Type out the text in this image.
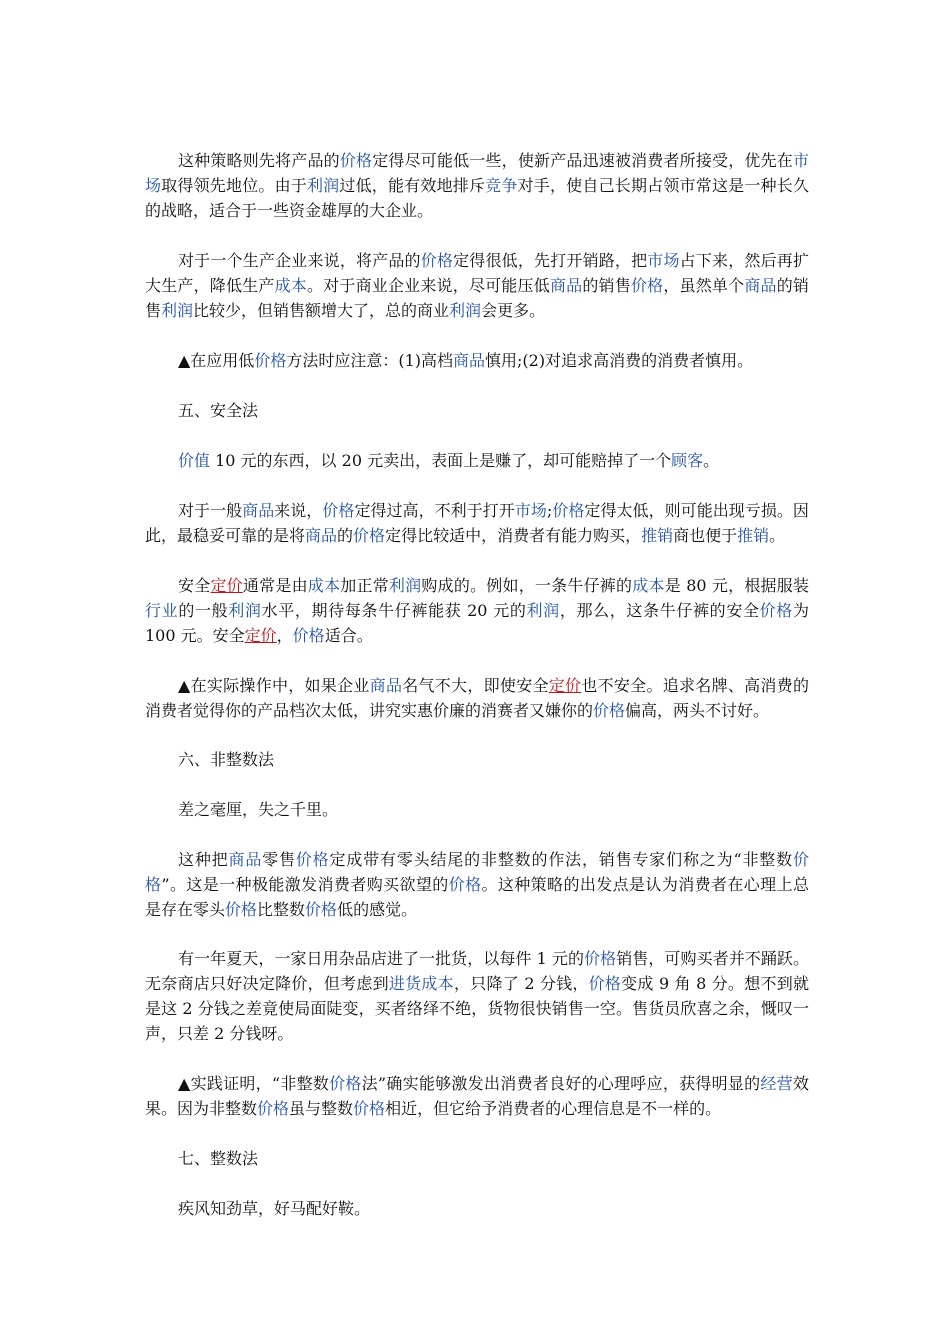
这种策略则先将产品的价格定得尽可能低一些，使新产品迅速被消费者所接受，优先在市场取得领先地位。由于利润过低，能有效地排斥竞争对手，使自己长期占领市常这是一种长久的战略，适合于一些资金雄厚的大企业。

对于一个生产企业来说，将产品的价格定得很低，先打开销路，把市场占下来，然后再扩大生产，降低生产成本。对于商业企业来说，尽可能压低商品的销售价格，虽然单个商品的销售利润比较少，但销售额增大了，总的商业利润会更多。

▲在应用低价格方法时应注意：(1)高档商品慎用;(2)对追求高消费的消费者慎用。

五、安全法

价值 10 元的东西，以 20 元卖出，表面上是赚了，却可能赔掉了一个顾客。

对于一般商品来说，价格定得过高，不利于打开市场;价格定得太低，则可能出现亏损。因此，最稳妥可靠的是将商品的价格定得比较适中，消费者有能力购买，推销商也便于推销。

安全定价通常是由成本加正常利润购成的。例如，一条牛仔裤的成本是 80 元，根据服装行业的一般利润水平，期待每条牛仔裤能获 20 元的利润，那么，这条牛仔裤的安全价格为 100 元。安全定价，价格适合。

▲在实际操作中，如果企业商品名气不大，即使安全定价也不安全。追求名牌、高消费的消费者觉得你的产品档次太低，讲究实惠价廉的消赛者又嫌你的价格偏高，两头不讨好。

六、非整数法

差之毫厘，失之千里。

这种把商品零售价格定成带有零头结尾的非整数的作法，销售专家们称之为“非整数价格”。这是一种极能激发消费者购买欲望的价格。这种策略的出发点是认为消费者在心理上总是存在零头价格比整数价格低的感觉。

有一年夏天，一家日用杂品店进了一批货，以每件 1 元的价格销售，可购买者并不踊跃。无奈商店只好决定降价，但考虑到进货成本，只降了 2 分钱，价格变成 9 角 8 分。想不到就是这 2 分钱之差竟使局面陡变，买者络绎不绝，货物很快销售一空。售货员欣喜之余，慨叹一声，只差 2 分钱呀。

▲实践证明，“非整数价格法”确实能够激发出消费者良好的心理呼应，获得明显的经营效果。因为非整数价格虽与整数价格相近，但它给予消费者的心理信息是不一样的。

七、整数法

疾风知劲草，好马配好鞍。
